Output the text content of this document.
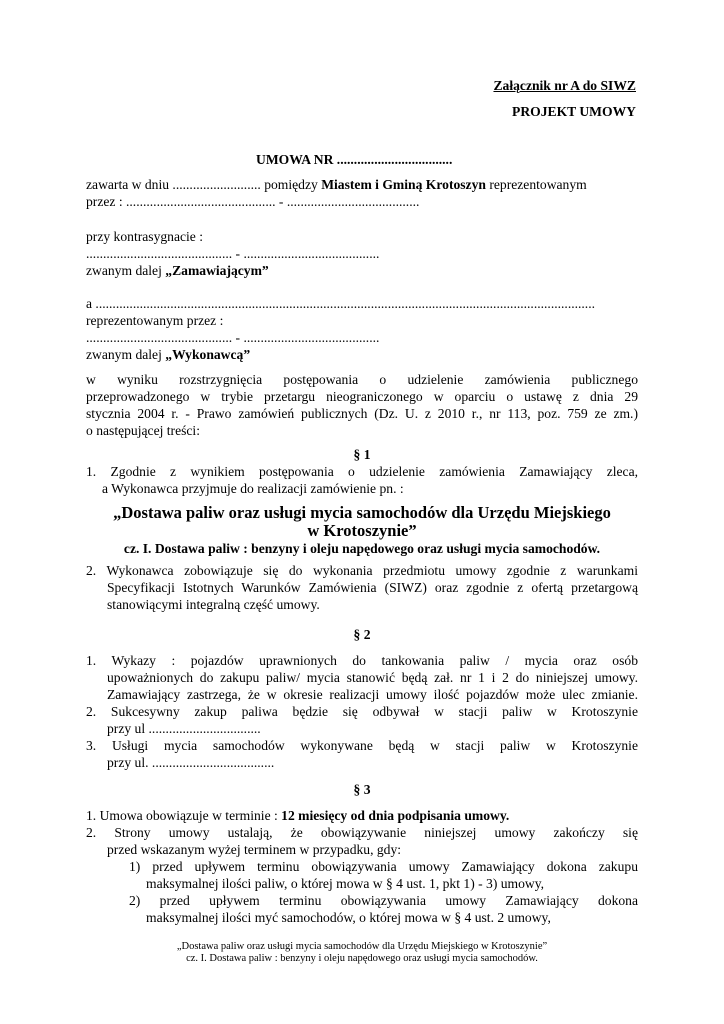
Załącznik nr A do SIWZ
PROJEKT UMOWY
UMOWA NR ..................................
zawarta w dniu .......................... pomiędzy Miastem i Gminą Krotoszyn reprezentowanym
przez : ............................................ - .......................................
przy kontrasygnacie :
........................................... - ........................................
zwanym dalej „Zamawiającym”
a ...................................................................................................................................................
reprezentowanym przez :
........................................... - ........................................
zwanym dalej „Wykonawcą”
w wyniku rozstrzygnięcia postępowania o udzielenie zamówienia publicznego
przeprowadzonego w trybie przetargu nieograniczonego w oparciu o ustawę z dnia 29
stycznia 2004 r. - Prawo zamówień publicznych (Dz. U. z 2010 r., nr 113, poz. 759 ze zm.)
o następującej treści:
§ 1
1. Zgodnie z wynikiem postępowania o udzielenie zamówienia Zamawiający zleca,
a Wykonawca przyjmuje do realizacji zamówienie pn. :
„Dostawa paliw oraz usługi mycia samochodów dla Urzędu Miejskiego
w Krotoszynie”
cz. I. Dostawa paliw : benzyny i oleju napędowego oraz usługi mycia samochodów.
2. Wykonawca zobowiązuje się do wykonania przedmiotu umowy zgodnie z warunkami
Specyfikacji Istotnych Warunków Zamówienia (SIWZ) oraz zgodnie z ofertą przetargową
stanowiącymi integralną część umowy.
§ 2
1. Wykazy : pojazdów uprawnionych do tankowania paliw / mycia oraz osób
upoważnionych do zakupu paliw/ mycia stanowić będą zał. nr 1 i 2 do niniejszej umowy.
Zamawiający zastrzega, że w okresie realizacji umowy ilość pojazdów może ulec zmianie.
2. Sukcesywny zakup paliwa będzie się odbywał w stacji paliw w Krotoszynie
przy ul .................................
3. Usługi mycia samochodów wykonywane będą w stacji paliw w Krotoszynie
przy ul. ....................................
§ 3
1. Umowa obowiązuje w terminie : 12 miesięcy od dnia podpisania umowy.
2. Strony umowy ustalają, że obowiązywanie niniejszej umowy zakończy się
przed wskazanym wyżej terminem w przypadku, gdy:
1) przed upływem terminu obowiązywania umowy Zamawiający dokona zakupu
maksymalnej ilości paliw, o której mowa w § 4 ust. 1, pkt 1) - 3) umowy,
2) przed upływem terminu obowiązywania umowy Zamawiający dokona
maksymalnej ilości myć samochodów, o której mowa w § 4 ust. 2 umowy,
„Dostawa paliw oraz usługi mycia samochodów dla Urzędu Miejskiego w Krotoszynie”
cz. I. Dostawa paliw : benzyny i oleju napędowego oraz usługi mycia samochodów.
